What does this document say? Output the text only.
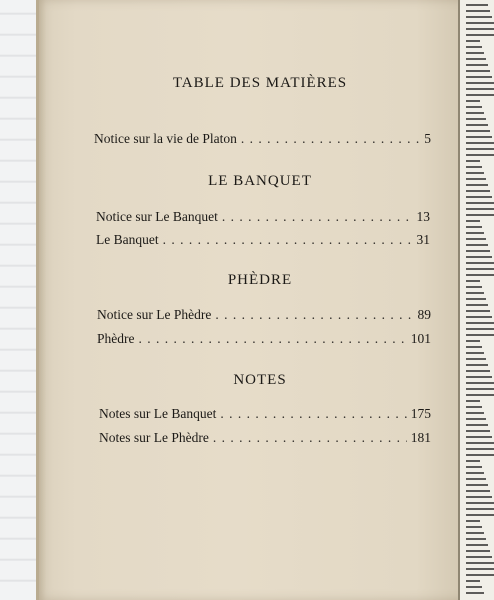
TABLE DES MATIÈRES
Notice sur la vie de Platon . . .	5
LE BANQUET
Notice sur Le Banquet . . .	13
Le Banquet . . .	31
PHÈDRE
Notice sur Le Phèdre . . .	89
Phèdre . . .	101
NOTES
Notes sur Le Banquet . . .	175
Notes sur Le Phèdre . . .	181
